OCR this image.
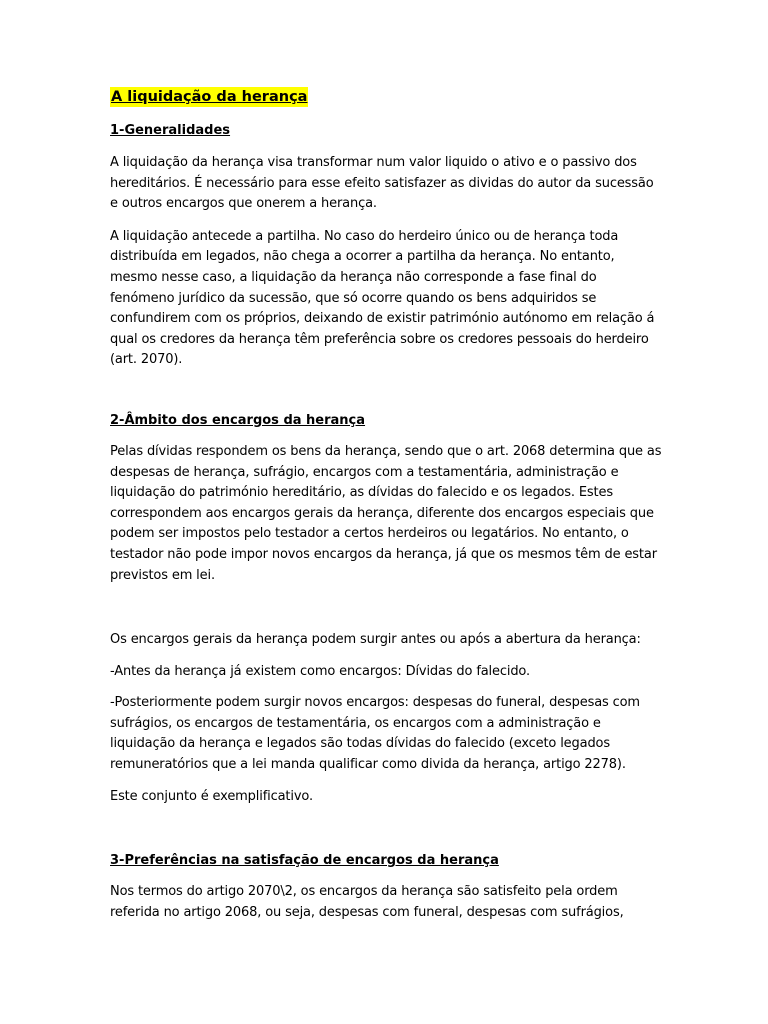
A liquidação da herança
1-Generalidades

A liquidação da herança visa transformar num valor liquido o ativo e o passivo dos hereditários. É necessário para esse efeito satisfazer as dividas do autor da sucessão e outros encargos que onerem a herança.

A liquidação antecede a partilha. No caso do herdeiro único ou de herança toda distribuída em legados, não chega a ocorrer a partilha da herança. No entanto, mesmo nesse caso, a liquidação da herança não corresponde a fase final do fenómeno jurídico da sucessão, que só ocorre quando os bens adquiridos se confundirem com os próprios, deixando de existir património autónomo em relação á qual os credores da herança têm preferência sobre os credores pessoais do herdeiro (art. 2070).

2-Âmbito dos encargos da herança

Pelas dívidas respondem os bens da herança, sendo que o art. 2068 determina que as despesas de herança, sufrágio, encargos com a testamentária, administração e liquidação do património hereditário, as dívidas do falecido e os legados. Estes correspondem aos encargos gerais da herança, diferente dos encargos especiais que podem ser impostos pelo testador a certos herdeiros ou legatários. No entanto, o testador não pode impor novos encargos da herança, já que os mesmos têm de estar previstos em lei.

Os encargos gerais da herança podem surgir antes ou após a abertura da herança:

-Antes da herança já existem como encargos: Dívidas do falecido.

-Posteriormente podem surgir novos encargos: despesas do funeral, despesas com sufrágios, os encargos de testamentária, os encargos com a administração e liquidação da herança e legados são todas dívidas do falecido (exceto legados remuneratórios que a lei manda qualificar como divida da herança, artigo 2278).

Este conjunto é exemplificativo.

3-Preferências na satisfação de encargos da herança

Nos termos do artigo 2070\2, os encargos da herança são satisfeito pela ordem referida no artigo 2068, ou seja, despesas com funeral, despesas com sufrágios,
